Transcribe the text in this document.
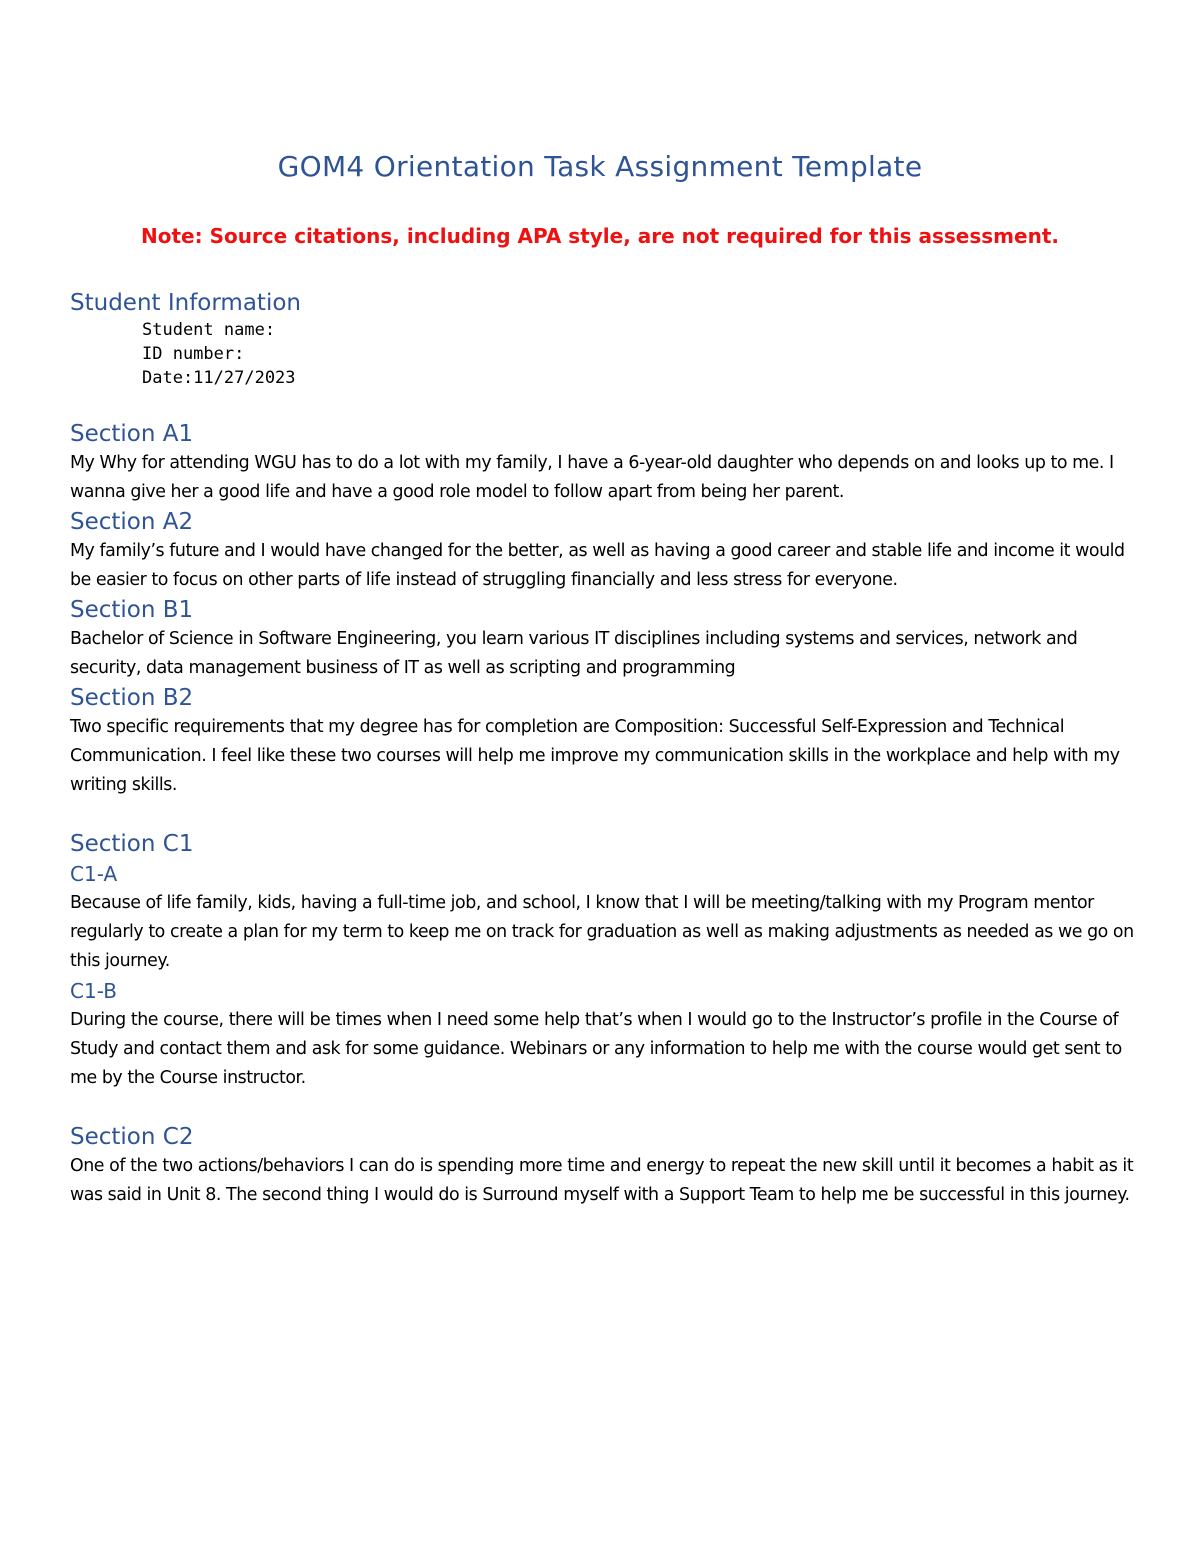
GOM4 Orientation Task Assignment Template

Note: Source citations, including APA style, are not required for this assessment.

Student Information
Student name:
ID number:
Date:11/27/2023
Section A1

My Why for attending WGU has to do a lot with my family, I have a 6-year-old daughter who depends on and looks up to me. I wanna give her a good life and have a good role model to follow apart from being her parent.

Section A2

My family’s future and I would have changed for the better, as well as having a good career and stable life and income it would be easier to focus on other parts of life instead of struggling financially and less stress for everyone.

Section B1

Bachelor of Science in Software Engineering, you learn various IT disciplines including systems and services, network and security, data management business of IT as well as scripting and programming

Section B2

Two specific requirements that my degree has for completion are Composition: Successful Self-Expression and Technical Communication. I feel like these two courses will help me improve my communication skills in the workplace and help with my writing skills.

Section C1
C1-A

Because of life family, kids, having a full-time job, and school, I know that I will be meeting/talking with my Program mentor regularly to create a plan for my term to keep me on track for graduation as well as making adjustments as needed as we go on this journey.

C1-B

During the course, there will be times when I need some help that’s when I would go to the Instructor’s profile in the Course of Study and contact them and ask for some guidance. Webinars or any information to help me with the course would get sent to me by the Course instructor.

Section C2

One of the two actions/behaviors I can do is spending more time and energy to repeat the new skill until it becomes a habit as it was said in Unit 8. The second thing I would do is Surround myself with a Support Team to help me be successful in this journey.
